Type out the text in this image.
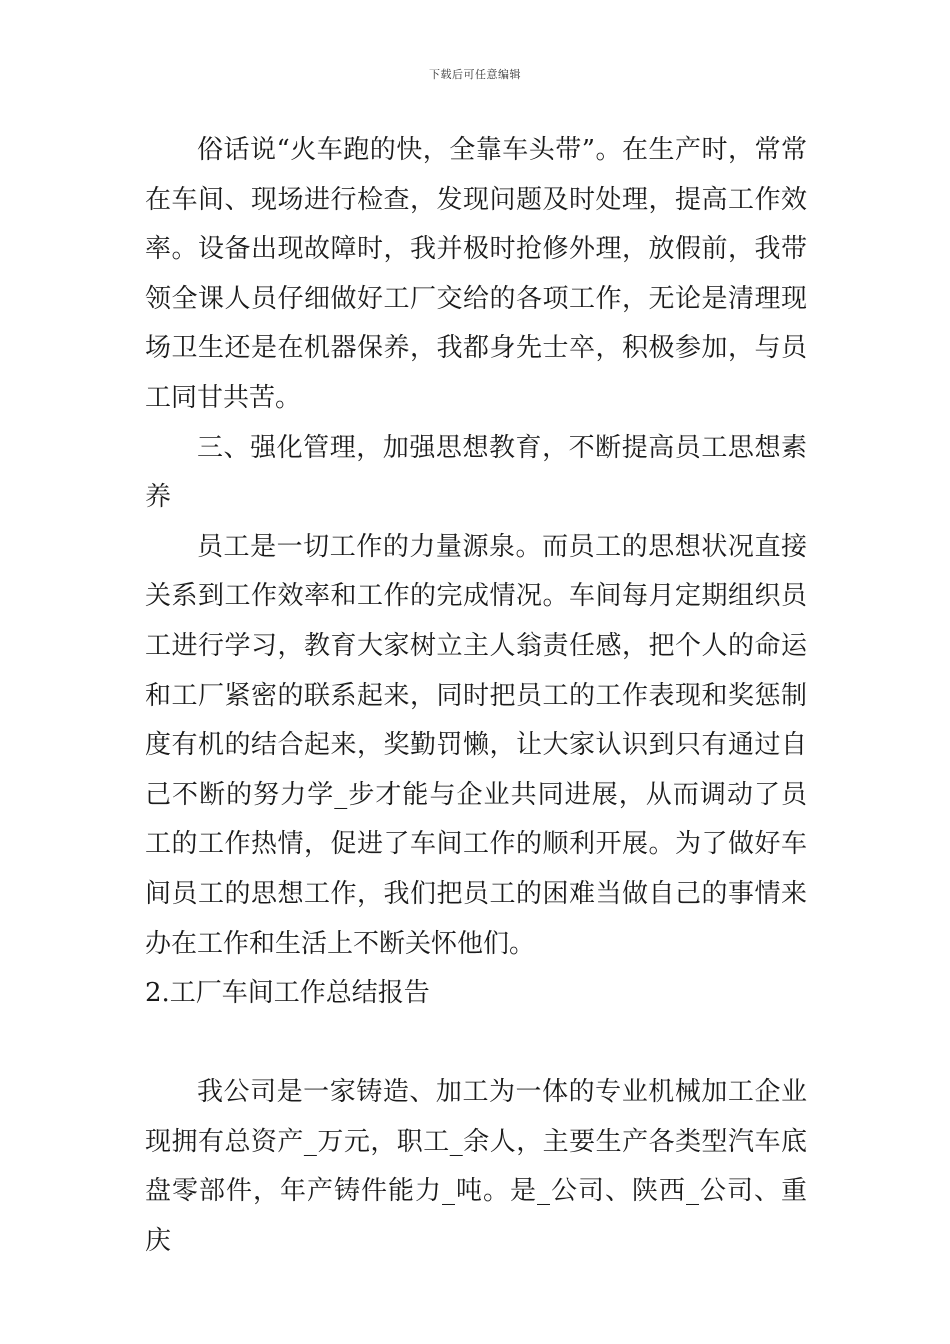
下载后可任意编辑

俗话说“火车跑的快，全靠车头带”。在生产时，常常在车间、现场进行检查，发现问题及时处理，提高工作效率。设备出现故障时，我并极时抢修外理，放假前，我带领全课人员仔细做好工厂交给的各项工作，无论是清理现场卫生还是在机器保养，我都身先士卒，积极参加，与员工同甘共苦。

三、强化管理，加强思想教育，不断提高员工思想素养

员工是一切工作的力量源泉。而员工的思想状况直接关系到工作效率和工作的完成情况。车间每月定期组织员工进行学习，教育大家树立主人翁责任感，把个人的命运和工厂紧密的联系起来，同时把员工的工作表现和奖惩制度有机的结合起来，奖勤罚懒，让大家认识到只有通过自己不断的努力学_步才能与企业共同进展，从而调动了员工的工作热情，促进了车间工作的顺利开展。为了做好车间员工的思想工作，我们把员工的困难当做自己的事情来办在工作和生活上不断关怀他们。

2.工厂车间工作总结报告

我公司是一家铸造、加工为一体的专业机械加工企业现拥有总资产_万元，职工_余人，主要生产各类型汽车底盘零部件，年产铸件能力_吨。是_公司、陕西_公司、重庆
